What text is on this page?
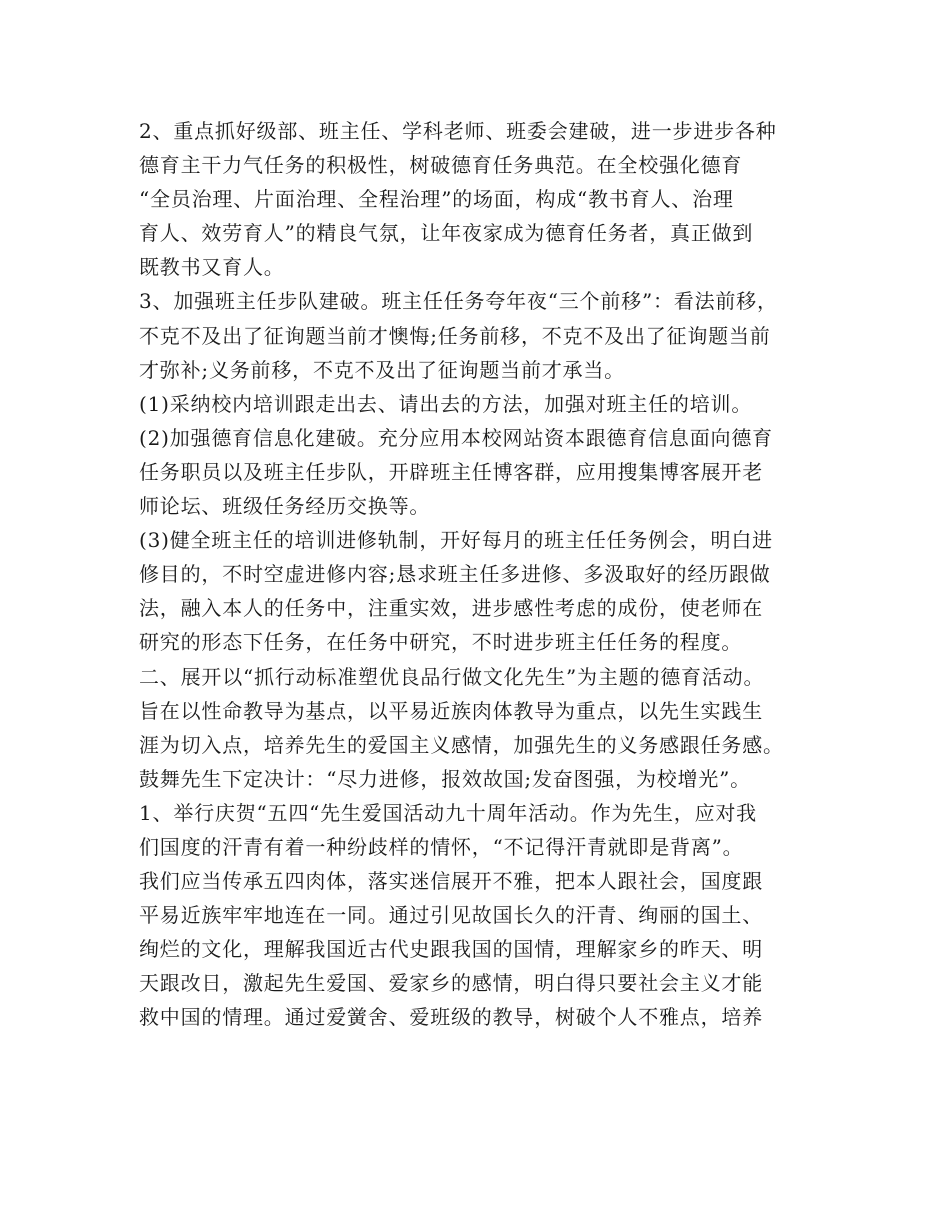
2、重点抓好级部、班主任、学科老师、班委会建破，进一步进步各种
德育主干力气任务的积极性，树破德育任务典范。在全校强化德育
“全员治理、片面治理、全程治理”的场面，构成“教书育人、治理
育人、效劳育人”的精良气氛，让年夜家成为德育任务者，真正做到
既教书又育人。
3、加强班主任步队建破。班主任任务夸年夜“三个前移”：看法前移，
不克不及出了征询题当前才懊悔;任务前移，不克不及出了征询题当前
才弥补;义务前移，不克不及出了征询题当前才承当。
(1)采纳校内培训跟走出去、请出去的方法，加强对班主任的培训。
(2)加强德育信息化建破。充分应用本校网站资本跟德育信息面向德育
任务职员以及班主任步队，开辟班主任博客群，应用搜集博客展开老
师论坛、班级任务经历交换等。
(3)健全班主任的培训进修轨制，开好每月的班主任任务例会，明白进
修目的，不时空虚进修内容;恳求班主任多进修、多汲取好的经历跟做
法，融入本人的任务中，注重实效，进步感性考虑的成份，使老师在
研究的形态下任务，在任务中研究，不时进步班主任任务的程度。
二、展开以“抓行动标准塑优良品行做文化先生”为主题的德育活动。
旨在以性命教导为基点，以平易近族肉体教导为重点，以先生实践生
涯为切入点，培养先生的爱国主义感情，加强先生的义务感跟任务感。
鼓舞先生下定决计：“尽力进修，报效故国;发奋图强，为校增光”。
1、举行庆贺“五四“先生爱国活动九十周年活动。作为先生，应对我
们国度的汗青有着一种纷歧样的情怀，“不记得汗青就即是背离”。
我们应当传承五四肉体，落实迷信展开不雅，把本人跟社会，国度跟
平易近族牢牢地连在一同。通过引见故国长久的汗青、绚丽的国土、
绚烂的文化，理解我国近古代史跟我国的国情，理解家乡的昨天、明
天跟改日，激起先生爱国、爱家乡的感情，明白得只要社会主义才能
救中国的情理。通过爱黉舍、爱班级的教导，树破个人不雅点，培养
